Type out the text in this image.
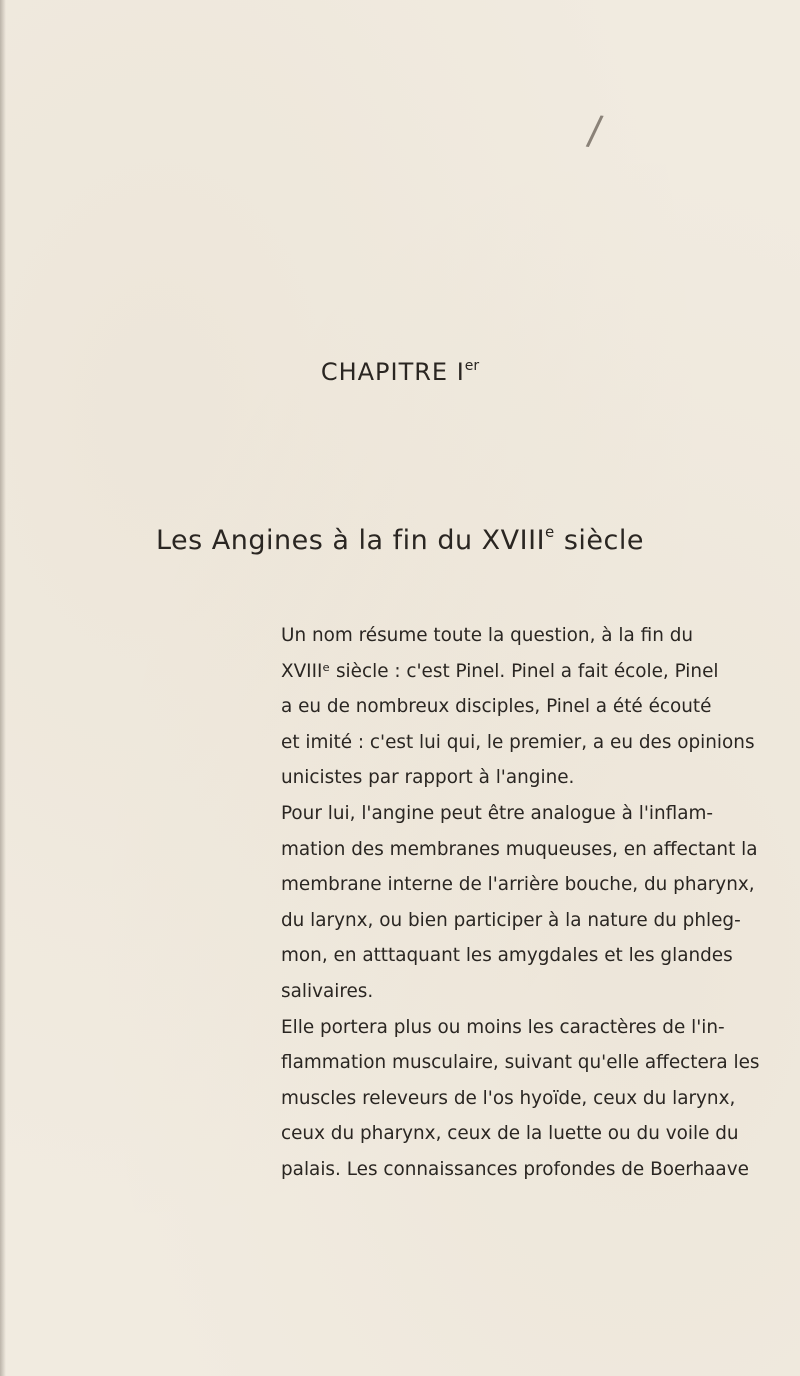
/
CHAPITRE Ier
Les Angines à la fin du XVIIIe siècle
Un nom résume toute la question, à la fin du
XVIIIᵉ siècle : c'est Pinel. Pinel a fait école, Pinel
a eu de nombreux disciples, Pinel a été écouté
et imité : c'est lui qui, le premier, a eu des opinions
unicistes par rapport à l'angine.
Pour lui, l'angine peut être analogue à l'inflam-
mation des membranes muqueuses, en affectant la
membrane interne de l'arrière bouche, du pharynx,
du larynx, ou bien participer à la nature du phleg-
mon, en atttaquant les amygdales et les glandes
salivaires.
Elle portera plus ou moins les caractères de l'in-
flammation musculaire, suivant qu'elle affectera les
muscles releveurs de l'os hyoïde, ceux du larynx,
ceux du pharynx, ceux de la luette ou du voile du
palais. Les connaissances profondes de Boerhaave
